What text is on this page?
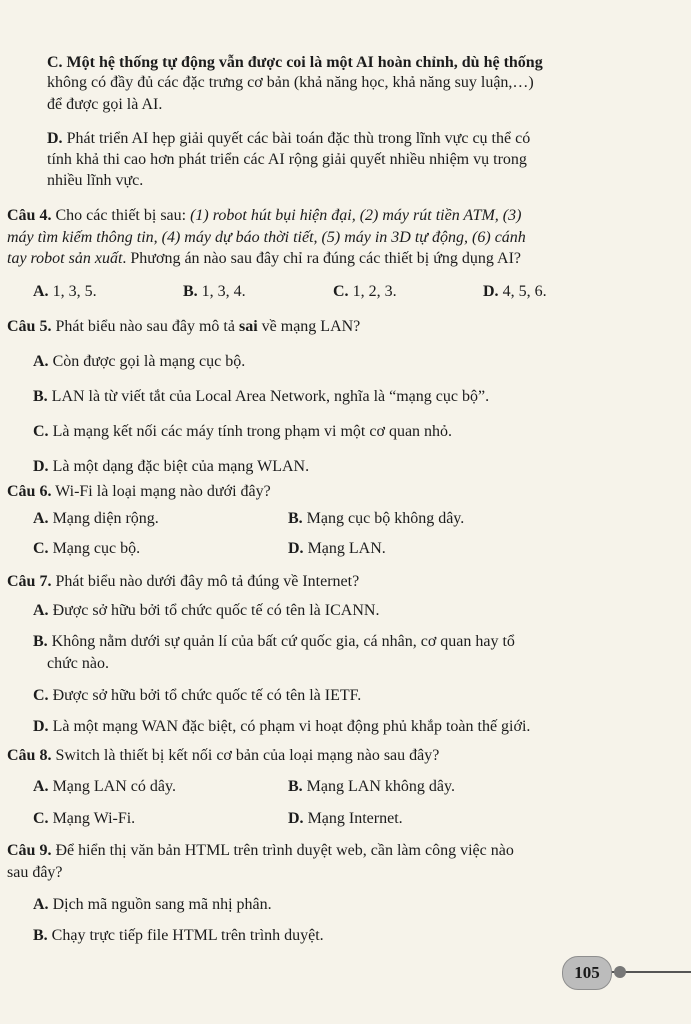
C. Một hệ thống tự động vẫn được coi là một AI hoàn chỉnh, dù hệ thống
không có đầy đủ các đặc trưng cơ bản (khả năng học, khả năng suy luận,…)
để được gọi là AI.
D. Phát triển AI hẹp giải quyết các bài toán đặc thù trong lĩnh vực cụ thể có
tính khả thi cao hơn phát triển các AI rộng giải quyết nhiều nhiệm vụ trong
nhiều lĩnh vực.
Câu 4. Cho các thiết bị sau: (1) robot hút bụi hiện đại, (2) máy rút tiền ATM, (3)
máy tìm kiếm thông tin, (4) máy dự báo thời tiết, (5) máy in 3D tự động, (6) cánh
tay robot sản xuất. Phương án nào sau đây chỉ ra đúng các thiết bị ứng dụng AI?
A. 1, 3, 5.	B. 1, 3, 4.	C. 1, 2, 3.	D. 4, 5, 6.
Câu 5. Phát biểu nào sau đây mô tả sai về mạng LAN?
A. Còn được gọi là mạng cục bộ.
B. LAN là từ viết tắt của Local Area Network, nghĩa là “mạng cục bộ”.
C. Là mạng kết nối các máy tính trong phạm vi một cơ quan nhỏ.
D. Là một dạng đặc biệt của mạng WLAN.
Câu 6. Wi-Fi là loại mạng nào dưới đây?
A. Mạng diện rộng.	B. Mạng cục bộ không dây.
C. Mạng cục bộ.	D. Mạng LAN.
Câu 7. Phát biểu nào dưới đây mô tả đúng về Internet?
A. Được sở hữu bởi tổ chức quốc tế có tên là ICANN.
B. Không nằm dưới sự quản lí của bất cứ quốc gia, cá nhân, cơ quan hay tổ
chức nào.
C. Được sở hữu bởi tổ chức quốc tế có tên là IETF.
D. Là một mạng WAN đặc biệt, có phạm vi hoạt động phủ khắp toàn thế giới.
Câu 8. Switch là thiết bị kết nối cơ bản của loại mạng nào sau đây?
A. Mạng LAN có dây.	B. Mạng LAN không dây.
C. Mạng Wi-Fi.	D. Mạng Internet.
Câu 9. Để hiển thị văn bản HTML trên trình duyệt web, cần làm công việc nào
sau đây?
A. Dịch mã nguồn sang mã nhị phân.
B. Chạy trực tiếp file HTML trên trình duyệt.
105
